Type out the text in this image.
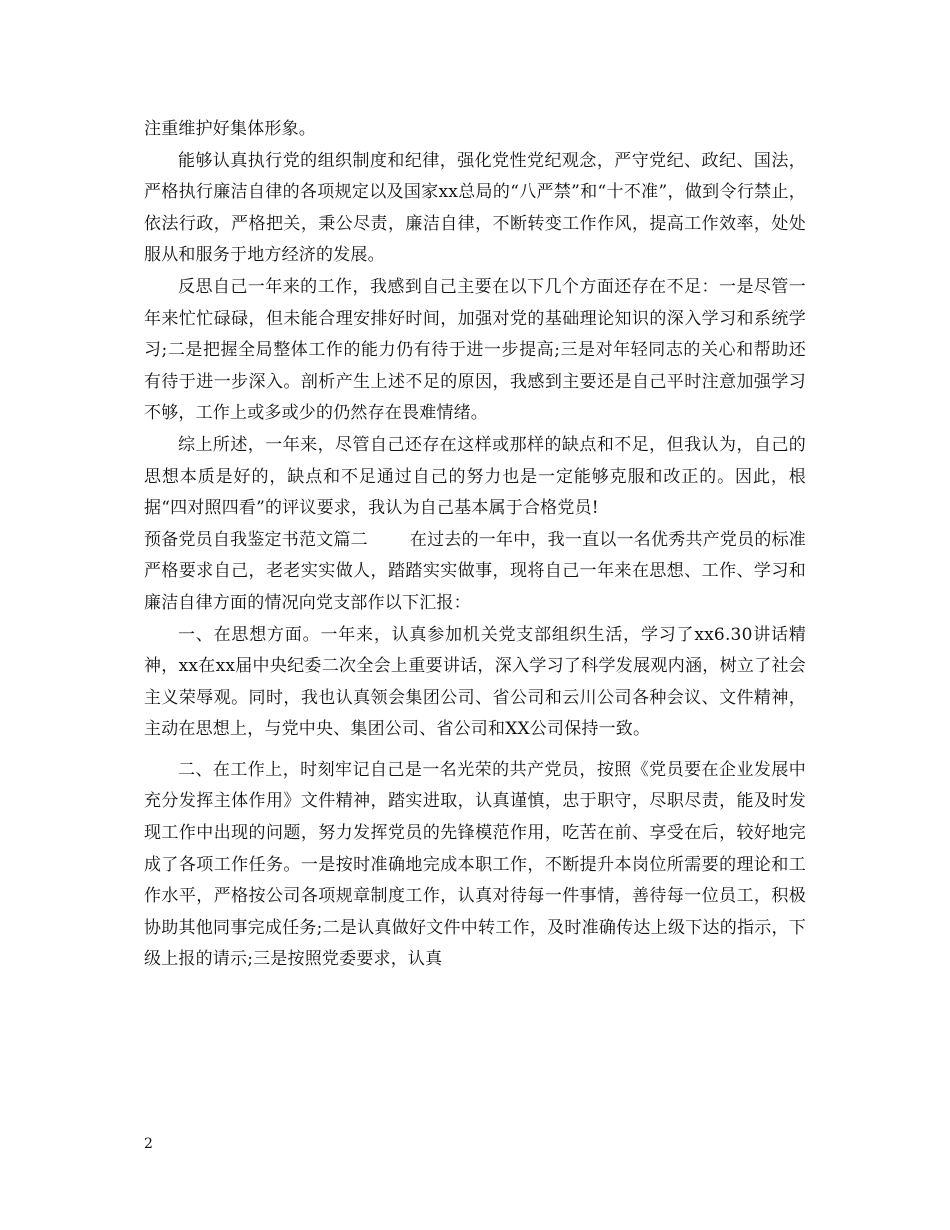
注重维护好集体形象。

能够认真执行党的组织制度和纪律，强化党性党纪观念，严守党纪、政纪、国法，严格执行廉洁自律的各项规定以及国家xx总局的“八严禁”和“十不准”，做到令行禁止，依法行政，严格把关，秉公尽责，廉洁自律，不断转变工作作风，提高工作效率，处处服从和服务于地方经济的发展。

反思自己一年来的工作，我感到自己主要在以下几个方面还存在不足：一是尽管一年来忙忙碌碌，但未能合理安排好时间，加强对党的基础理论知识的深入学习和系统学习;二是把握全局整体工作的能力仍有待于进一步提高;三是对年轻同志的关心和帮助还有待于进一步深入。剖析产生上述不足的原因，我感到主要还是自己平时注意加强学习不够，工作上或多或少的仍然存在畏难情绪。

综上所述，一年来，尽管自己还存在这样或那样的缺点和不足，但我认为，自己的思想本质是好的，缺点和不足通过自己的努力也是一定能够克服和改正的。因此，根据“四对照四看”的评议要求，我认为自己基本属于合格党员!

预备党员自我鉴定书范文篇二 在过去的一年中，我一直以一名优秀共产党员的标准严格要求自己，老老实实做人，踏踏实实做事，现将自己一年来在思想、工作、学习和廉洁自律方面的情况向党支部作以下汇报：

一、在思想方面。一年来，认真参加机关党支部组织生活，学习了xx6.30讲话精神，xx在xx届中央纪委二次全会上重要讲话，深入学习了科学发展观内涵，树立了社会主义荣辱观。同时，我也认真领会集团公司、省公司和云川公司各种会议、文件精神，主动在思想上，与党中央、集团公司、省公司和XX公司保持一致。

二、在工作上，时刻牢记自己是一名光荣的共产党员，按照《党员要在企业发展中充分发挥主体作用》文件精神，踏实进取，认真谨慎，忠于职守，尽职尽责，能及时发现工作中出现的问题，努力发挥党员的先锋模范作用，吃苦在前、享受在后，较好地完成了各项工作任务。一是按时准确地完成本职工作，不断提升本岗位所需要的理论和工作水平，严格按公司各项规章制度工作，认真对待每一件事情，善待每一位员工，积极协助其他同事完成任务;二是认真做好文件中转工作，及时准确传达上级下达的指示，下级上报的请示;三是按照党委要求，认真

2
